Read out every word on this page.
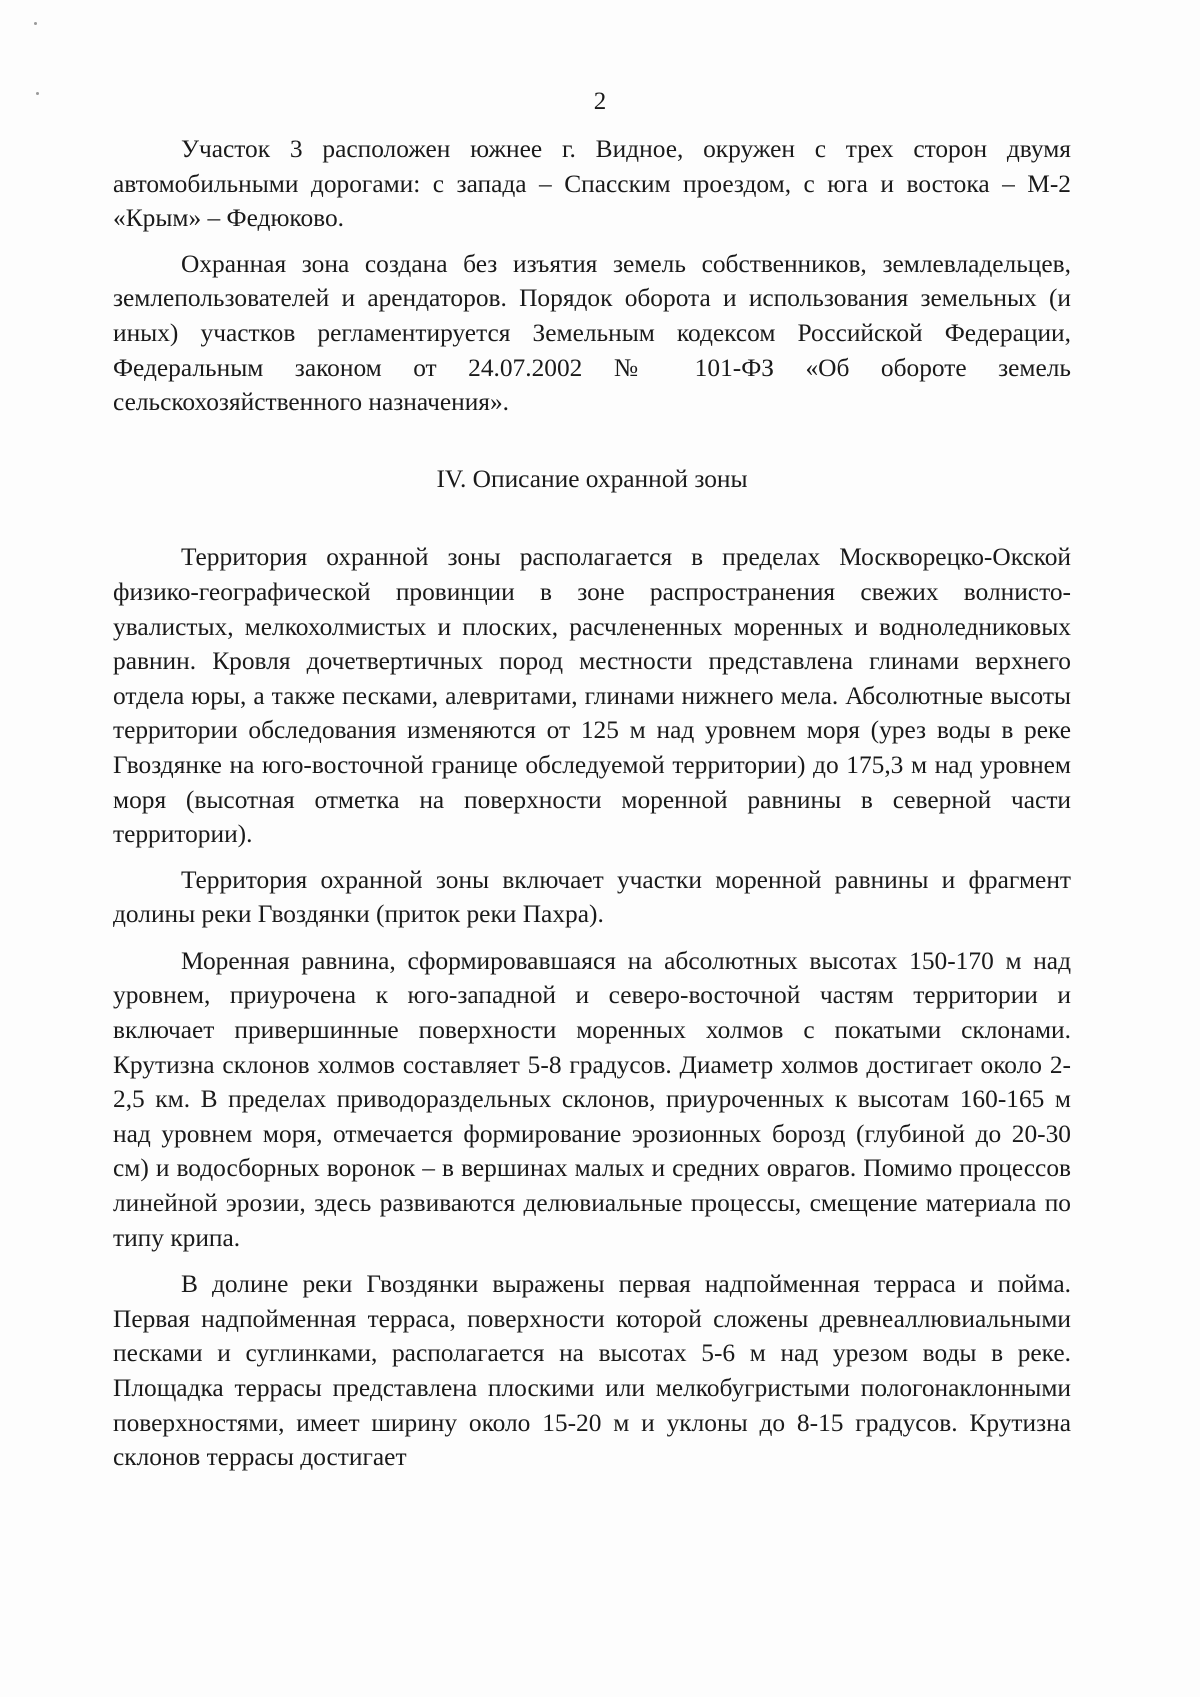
2

Участок 3 расположен южнее г. Видное, окружен с трех сторон двумя автомобильными дорогами: с запада – Спасским проездом, с юга и востока – М-2 «Крым» – Федюково.

Охранная зона создана без изъятия земель собственников, землевладельцев, землепользователей и арендаторов. Порядок оборота и использования земельных (и иных) участков регламентируется Земельным кодексом Российской Федерации, Федеральным законом от 24.07.2002 № 101-ФЗ «Об обороте земель сельскохозяйственного назначения».

IV. Описание охранной зоны

Территория охранной зоны располагается в пределах Москворецко-Окской физико-географической провинции в зоне распространения свежих волнисто-увалистых, мелкохолмистых и плоских, расчлененных моренных и водноледниковых равнин. Кровля дочетвертичных пород местности представлена глинами верхнего отдела юры, а также песками, алевритами, глинами нижнего мела. Абсолютные высоты территории обследования изменяются от 125 м над уровнем моря (урез воды в реке Гвоздянке на юго-восточной границе обследуемой территории) до 175,3 м над уровнем моря (высотная отметка на поверхности моренной равнины в северной части территории).

Территория охранной зоны включает участки моренной равнины и фрагмент долины реки Гвоздянки (приток реки Пахра).

Моренная равнина, сформировавшаяся на абсолютных высотах 150-170 м над уровнем, приурочена к юго-западной и северо-восточной частям территории и включает привершинные поверхности моренных холмов с покатыми склонами. Крутизна склонов холмов составляет 5-8 градусов. Диаметр холмов достигает около 2-2,5 км. В пределах приводораздельных склонов, приуроченных к высотам 160-165 м над уровнем моря, отмечается формирование эрозионных борозд (глубиной до 20-30 см) и водосборных воронок – в вершинах малых и средних оврагов. Помимо процессов линейной эрозии, здесь развиваются делювиальные процессы, смещение материала по типу крипа.

В долине реки Гвоздянки выражены первая надпойменная терраса и пойма. Первая надпойменная терраса, поверхности которой сложены древнеаллювиальными песками и суглинками, располагается на высотах 5-6 м над урезом воды в реке. Площадка террасы представлена плоскими или мелкобугристыми пологонаклонными поверхностями, имеет ширину около 15-20 м и уклоны до 8-15 градусов. Крутизна склонов террасы достигает
